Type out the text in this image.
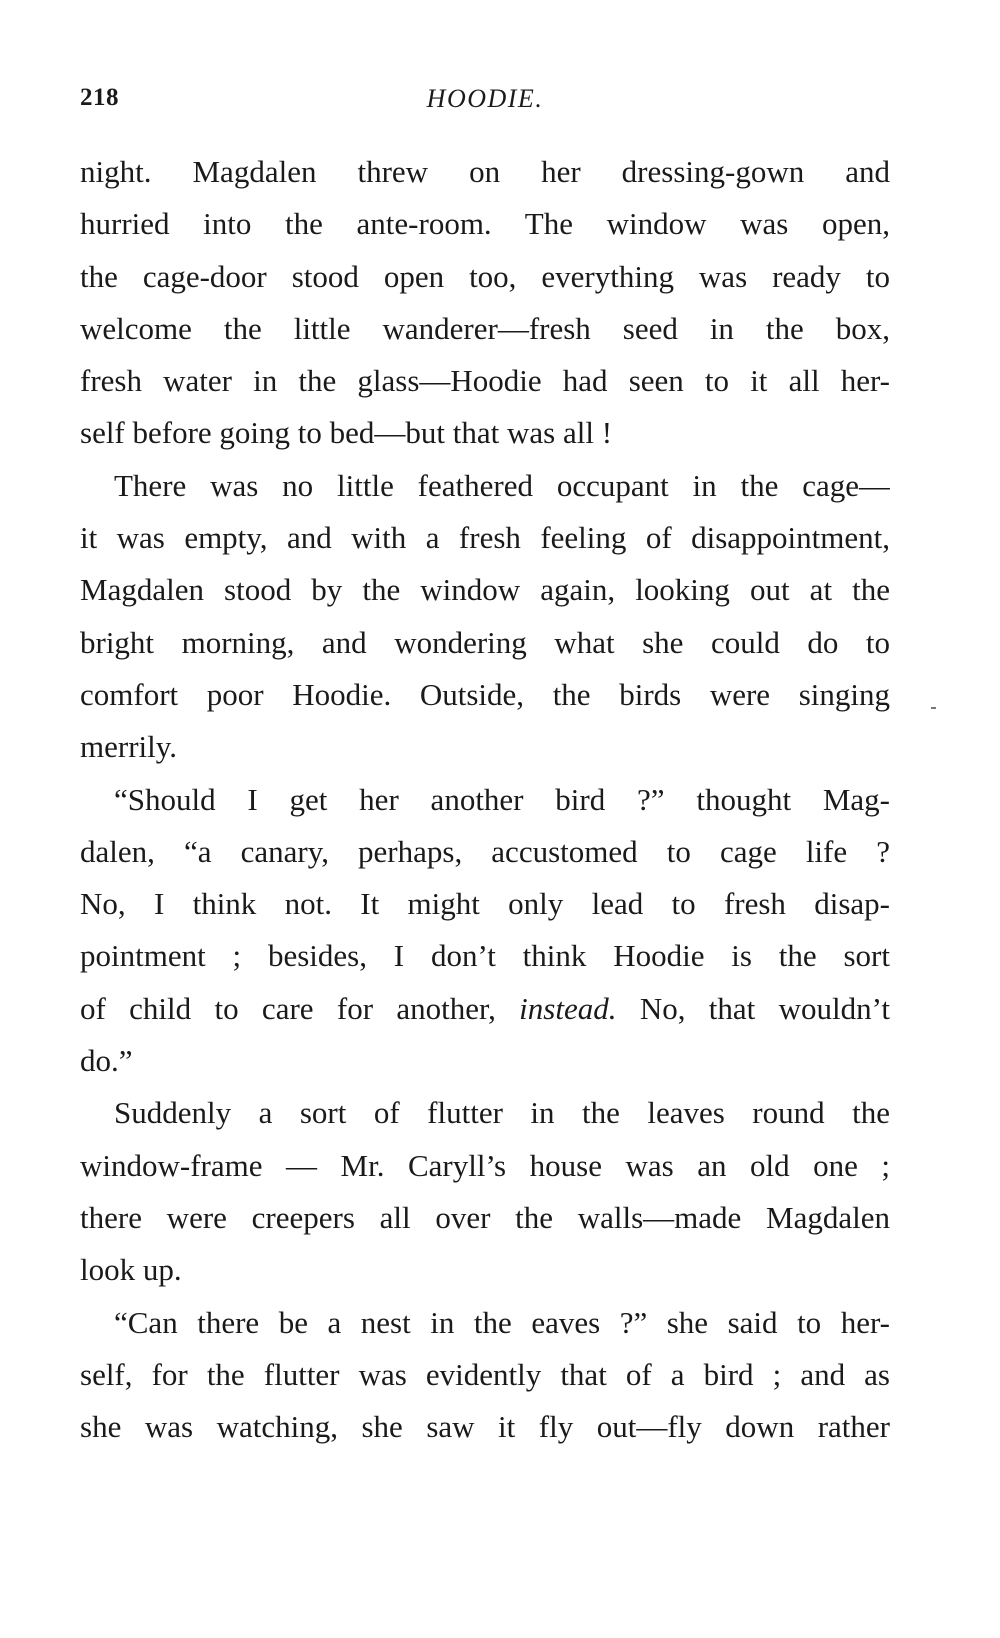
218	HOODIE.
night. Magdalen threw on her dressing-gown and
hurried into the ante-room. The window was open,
the cage-door stood open too, everything was ready to
welcome the little wanderer—fresh seed in the box,
fresh water in the glass—Hoodie had seen to it all her-
self before going to bed—but that was all !
There was no little feathered occupant in the cage—
it was empty, and with a fresh feeling of disappointment,
Magdalen stood by the window again, looking out at the
bright morning, and wondering what she could do to
comfort poor Hoodie. Outside, the birds were singing
merrily.
“Should I get her another bird ?” thought Mag-
dalen, “a canary, perhaps, accustomed to cage life ?
No, I think not. It might only lead to fresh disap-
pointment ; besides, I don’t think Hoodie is the sort
of child to care for another, instead. No, that wouldn’t
do.”
Suddenly a sort of flutter in the leaves round the
window-frame — Mr. Caryll’s house was an old one ;
there were creepers all over the walls—made Magdalen
look up.
“Can there be a nest in the eaves ?” she said to her-
self, for the flutter was evidently that of a bird ; and as
she was watching, she saw it fly out—fly down rather
